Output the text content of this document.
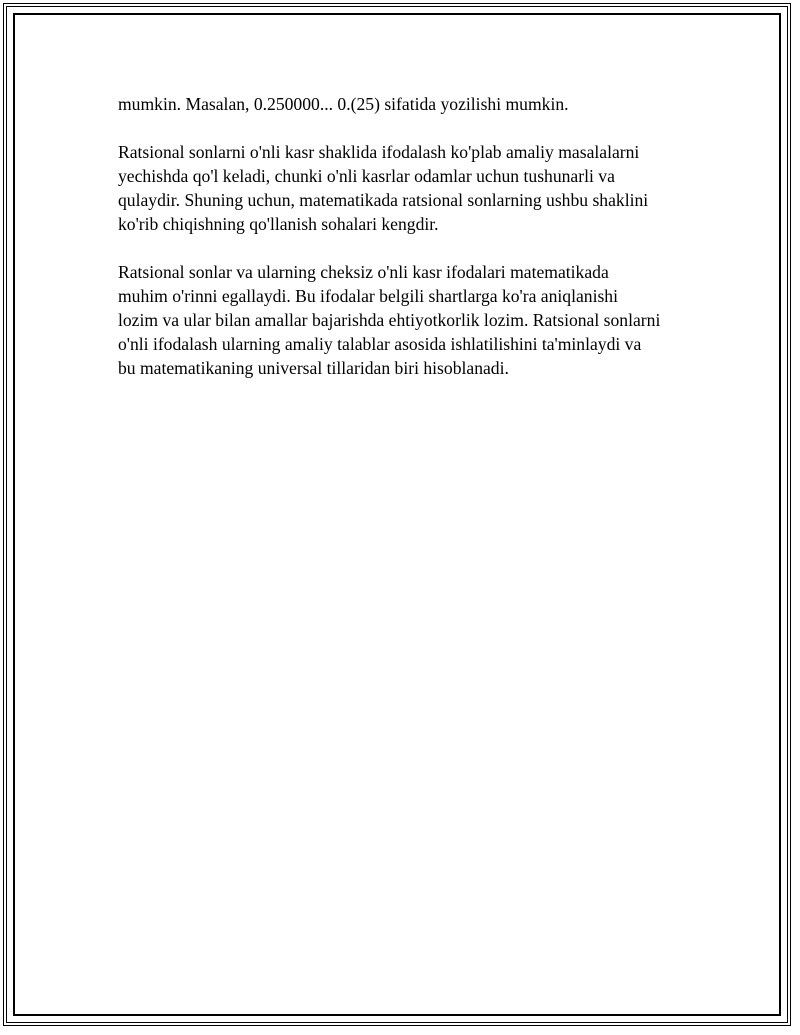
mumkin. Masalan, 0.250000... 0.(25) sifatida yozilishi mumkin.

Ratsional sonlarni o'nli kasr shaklida ifodalash ko'plab amaliy masalalarni
yechishda qo'l keladi, chunki o'nli kasrlar odamlar uchun tushunarli va
qulaydir. Shuning uchun, matematikada ratsional sonlarning ushbu shaklini
ko'rib chiqishning qo'llanish sohalari kengdir.

Ratsional sonlar va ularning cheksiz o'nli kasr ifodalari matematikada
muhim o'rinni egallaydi. Bu ifodalar belgili shartlarga ko'ra aniqlanishi
lozim va ular bilan amallar bajarishda ehtiyotkorlik lozim. Ratsional sonlarni
o'nli ifodalash ularning amaliy talablar asosida ishlatilishini ta'minlaydi va
bu matematikaning universal tillaridan biri hisoblanadi.
